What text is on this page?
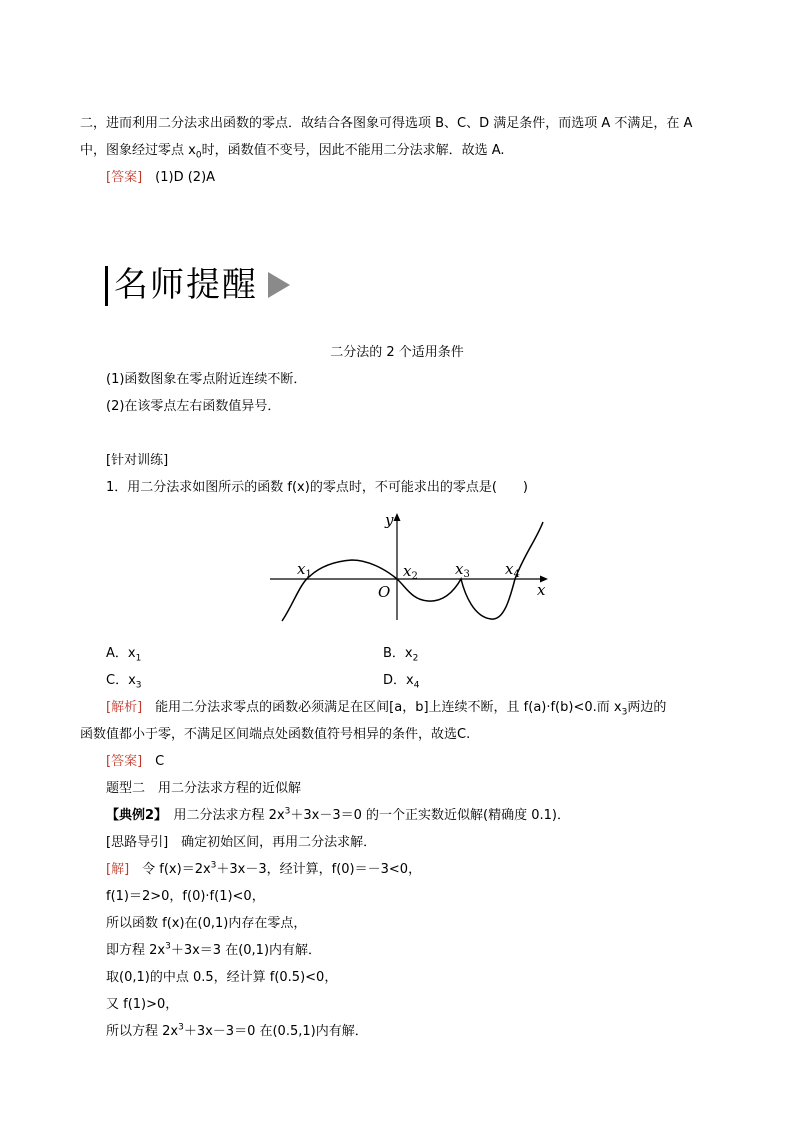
二，进而利用二分法求出函数的零点．故结合各图象可得选项 B、C、D 满足条件，而选项 A 不满足，在 A
中，图象经过零点 $x_0$时，函数值不变号，因此不能用二分法求解．故选 A.
[答案]　 (1)D (2)A
名师提醒
二分法的 2 个适用条件
(1)函数图象在零点附近连续不断．
(2)在该零点左右函数值异号．
[针对训练]
1．用二分法求如图所示的函数 f(x)的零点时，不可能求出的零点是(　　)
y
x
O
$x_1$	$x_2$ $x_3$ $x_4$
A．$x_1$	B．$x_2$
C．$x_3$	D．$x_4$
[解析]　 能用二分法求零点的函数必须满足在区间[a，b]上连续不断，且 f(a)·f(b)<0.而 $x_3$两边的
函数值都小于零，不满足区间端点处函数值符号相异的条件，故选C.
[答案]　 C
题型二　用二分法求方程的近似解
【典例2】　用二分法求方程 $2x^3+3x-3=0$ 的一个正实数近似解(精确度 0.1)．
[思路导引]　确定初始区间，再用二分法求解．
[解]　令 $f(x)=2x^3+3x-3$，经计算，f(0)＝－3<0，
f(1)＝2>0，f(0)·f(1)<0，
所以函数 f(x)在(0,1)内存在零点，
即方程 $2x^3+3x=3$ 在(0,1)内有解．
取(0,1)的中点 0.5，经计算 f(0.5)<0，
又 f(1)>0，
所以方程 $2x^3+3x-3=0$ 在(0.5,1)内有解．
